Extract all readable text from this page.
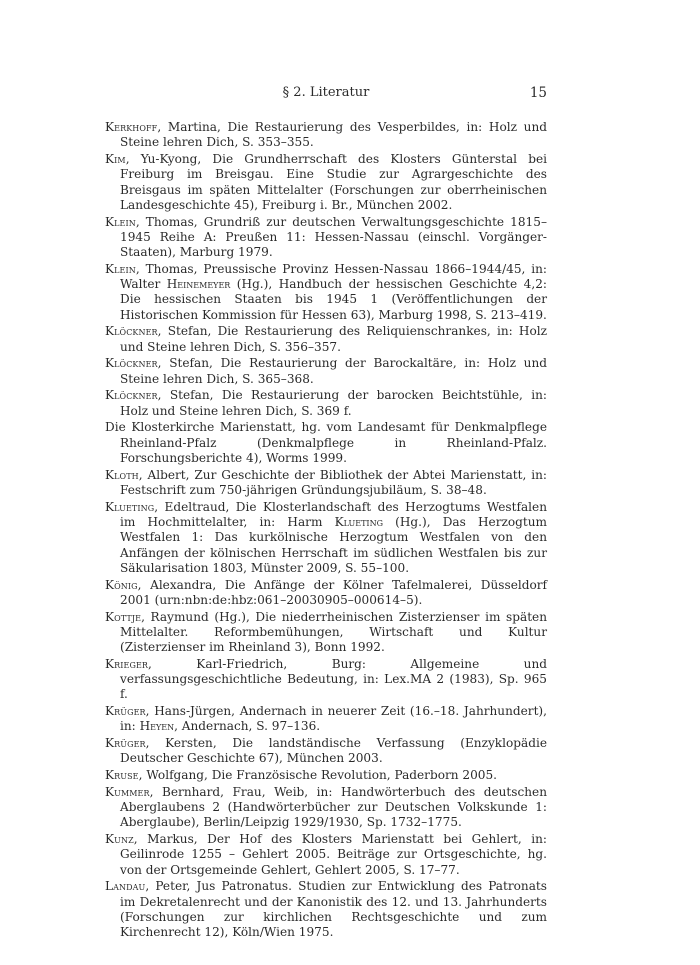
§ 2. Literatur	15
Kerkhoff, Martina, Die Restaurierung des Vesperbildes, in: Holz und Steine lehren Dich, S. 353–355.
Kim, Yu-Kyong, Die Grundherrschaft des Klosters Günterstal bei Freiburg im Breisgau. Eine Studie zur Agrargeschichte des Breisgaus im späten Mittelalter (Forschungen zur oberrheinischen Landesgeschichte 45), Freiburg i. Br., München 2002.
Klein, Thomas, Grundriß zur deutschen Verwaltungsgeschichte 1815–1945 Reihe A: Preußen 11: Hessen-Nassau (einschl. Vorgänger-Staaten), Marburg 1979.
Klein, Thomas, Preussische Provinz Hessen-Nassau 1866–1944/45, in: Walter Heinemeyer (Hg.), Handbuch der hessischen Geschichte 4,2: Die hessischen Staaten bis 1945 1 (Veröffentlichungen der Historischen Kommission für Hessen 63), Marburg 1998, S. 213–419.
Klöckner, Stefan, Die Restaurierung des Reliquienschrankes, in: Holz und Steine lehren Dich, S. 356–357.
Klöckner, Stefan, Die Restaurierung der Barockaltäre, in: Holz und Steine lehren Dich, S. 365–368.
Klöckner, Stefan, Die Restaurierung der barocken Beichtstühle, in: Holz und Steine lehren Dich, S. 369 f.
Die Klosterkirche Marienstatt, hg. vom Landesamt für Denkmalpflege Rheinland-Pfalz (Denkmalpflege in Rheinland-Pfalz. Forschungsberichte 4), Worms 1999.
Kloth, Albert, Zur Geschichte der Bibliothek der Abtei Marienstatt, in: Festschrift zum 750-jährigen Gründungsjubiläum, S. 38–48.
Klueting, Edeltraud, Die Klosterlandschaft des Herzogtums Westfalen im Hochmittelalter, in: Harm Klueting (Hg.), Das Herzogtum Westfalen 1: Das kurkölnische Herzogtum Westfalen von den Anfängen der kölnischen Herrschaft im südlichen Westfalen bis zur Säkularisation 1803, Münster 2009, S. 55–100.
König, Alexandra, Die Anfänge der Kölner Tafelmalerei, Düsseldorf 2001 (urn:nbn:de:hbz:061–20030905–000614–5).
Kottje, Raymund (Hg.), Die niederrheinischen Zisterzienser im späten Mittelalter. Reformbemühungen, Wirtschaft und Kultur (Zisterzienser im Rheinland 3), Bonn 1992.
Krieger, Karl-Friedrich, Burg: Allgemeine und verfassungsgeschichtliche Bedeutung, in: Lex.MA 2 (1983), Sp. 965 f.
Krüger, Hans-Jürgen, Andernach in neuerer Zeit (16.–18. Jahrhundert), in: Heyen, Andernach, S. 97–136.
Krüger, Kersten, Die landständische Verfassung (Enzyklopädie Deutscher Geschichte 67), München 2003.
Kruse, Wolfgang, Die Französische Revolution, Paderborn 2005.
Kummer, Bernhard, Frau, Weib, in: Handwörterbuch des deutschen Aberglaubens 2 (Handwörterbücher zur Deutschen Volkskunde 1: Aberglaube), Berlin/Leipzig 1929/1930, Sp. 1732–1775.
Kunz, Markus, Der Hof des Klosters Marienstatt bei Gehlert, in: Geilinrode 1255 – Gehlert 2005. Beiträge zur Ortsgeschichte, hg. von der Ortsgemeinde Gehlert, Gehlert 2005, S. 17–77.
Landau, Peter, Jus Patronatus. Studien zur Entwicklung des Patronats im Dekretalenrecht und der Kanonistik des 12. und 13. Jahrhunderts (Forschungen zur kirchlichen Rechtsgeschichte und zum Kirchenrecht 12), Köln/Wien 1975.
